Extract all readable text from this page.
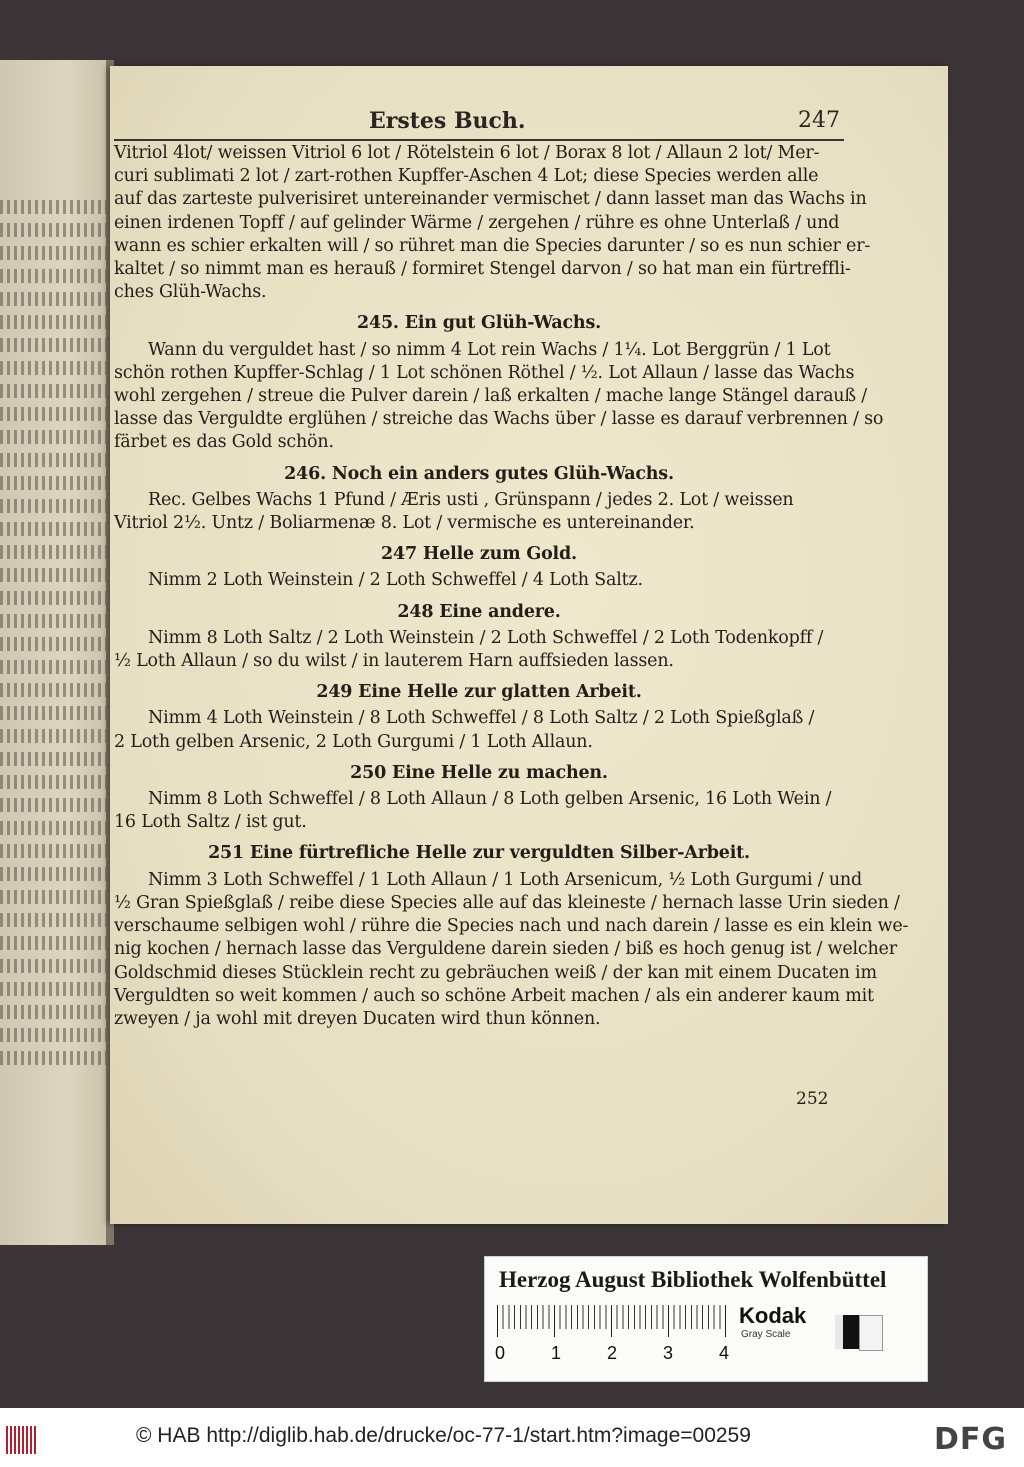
Erstes Buch.	247
Vitriol 4lot/ weissen Vitriol 6 lot / Rötelstein 6 lot / Borax 8 lot / Allaun 2 lot/ Mer-
curi sublimati 2 lot / zart-rothen Kupffer-Aschen 4 Lot; diese Species werden alle
auf das zarteste pulverisiret untereinander vermischet / dann lasset man das Wachs in
einen irdenen Topff / auf gelinder Wärme / zergehen / rühre es ohne Unterlaß / und
wann es schier erkalten will / so rühret man die Species darunter / so es nun schier er-
kaltet / so nimmt man es herauß / formiret Stengel darvon / so hat man ein fürtreffli-
ches Glüh-Wachs.
245. Ein gut Glüh-Wachs.
Wann du verguldet hast / so nimm 4 Lot rein Wachs / 1¼. Lot Berggrün / 1 Lot
schön rothen Kupffer-Schlag / 1 Lot schönen Röthel / ½. Lot Allaun / lasse das Wachs
wohl zergehen / streue die Pulver darein / laß erkalten / mache lange Stängel darauß /
lasse das Verguldte erglühen / streiche das Wachs über / lasse es darauf verbrennen / so
färbet es das Gold schön.
246. Noch ein anders gutes Glüh-Wachs.
Rec. Gelbes Wachs 1 Pfund / Æris usti , Grünspann / jedes 2. Lot / weissen
Vitriol 2½. Untz / Boliarmenæ 8. Lot / vermische es untereinander.
247 Helle zum Gold.
Nimm 2 Loth Weinstein / 2 Loth Schweffel / 4 Loth Saltz.
248 Eine andere.
Nimm 8 Loth Saltz / 2 Loth Weinstein / 2 Loth Schweffel / 2 Loth Todenkopff /
½ Loth Allaun / so du wilst / in lauterem Harn auffsieden lassen.
249 Eine Helle zur glatten Arbeit.
Nimm 4 Loth Weinstein / 8 Loth Schweffel / 8 Loth Saltz / 2 Loth Spießglaß /
2 Loth gelben Arsenic, 2 Loth Gurgumi / 1 Loth Allaun.
250 Eine Helle zu machen.
Nimm 8 Loth Schweffel / 8 Loth Allaun / 8 Loth gelben Arsenic, 16 Loth Wein /
16 Loth Saltz / ist gut.
251 Eine fürtrefliche Helle zur verguldten Silber-Arbeit.
Nimm 3 Loth Schweffel / 1 Loth Allaun / 1 Loth Arsenicum, ½ Loth Gurgumi / und
½ Gran Spießglaß / reibe diese Species alle auf das kleineste / hernach lasse Urin sieden /
verschaume selbigen wohl / rühre die Species nach und nach darein / lasse es ein klein we-
nig kochen / hernach lasse das Verguldene darein sieden / biß es hoch genug ist / welcher
Goldschmid dieses Stücklein recht zu gebräuchen weiß / der kan mit einem Ducaten im
Verguldten so weit kommen / auch so schöne Arbeit machen / als ein anderer kaum mit
zweyen / ja wohl mit dreyen Ducaten wird thun können.
252
Herzog August Bibliothek Wolfenbüttel
0	1	2	3	4
Kodak
Gray Scale
© HAB http://diglib.hab.de/drucke/oc-77-1/start.htm?image=00259	DFG
